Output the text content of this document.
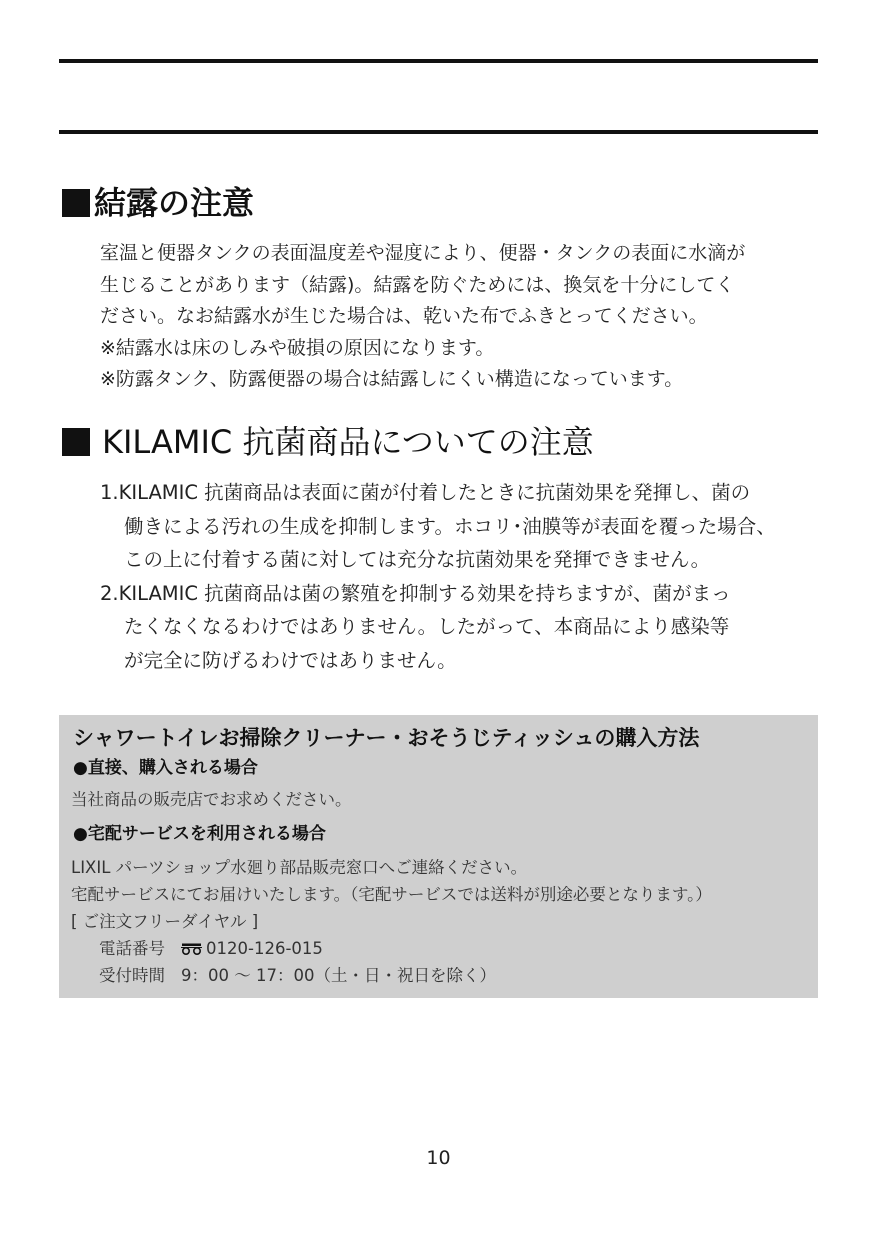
結露の注意
室温と便器タンクの表面温度差や湿度により、便器・タンクの表面に水滴が
生じることがあります（結露)。結露を防ぐためには、換気を十分にしてく
ださい。なお結露水が生じた場合は、乾いた布でふきとってください。
※結露水は床のしみや破損の原因になります。
※防露タンク、防露便器の場合は結露しにくい構造になっています。
KILAMIC 抗菌商品についての注意
1.KILAMIC 抗菌商品は表面に菌が付着したときに抗菌効果を発揮し、菌の
働きによる汚れの生成を抑制します。ホコリ･油膜等が表面を覆った場合、
この上に付着する菌に対しては充分な抗菌効果を発揮できません。
2.KILAMIC 抗菌商品は菌の繁殖を抑制する効果を持ちますが、菌がまっ
たくなくなるわけではありません。したがって、本商品により感染等
が完全に防げるわけではありません。
シャワートイレお掃除クリーナー・おそうじティッシュの購入方法
●直接、購入される場合
当社商品の販売店でお求めください。
●宅配サービスを利用される場合
LIXIL パーツショップ水廻り部品販売窓口へご連絡ください。
宅配サービスにてお届けいたします。（宅配サービスでは送料が別途必要となります。）
[ ご注文フリーダイヤル ]
電話番号 0120-126-015
受付時間 9：00 ～ 17：00（土・日・祝日を除く）
10
